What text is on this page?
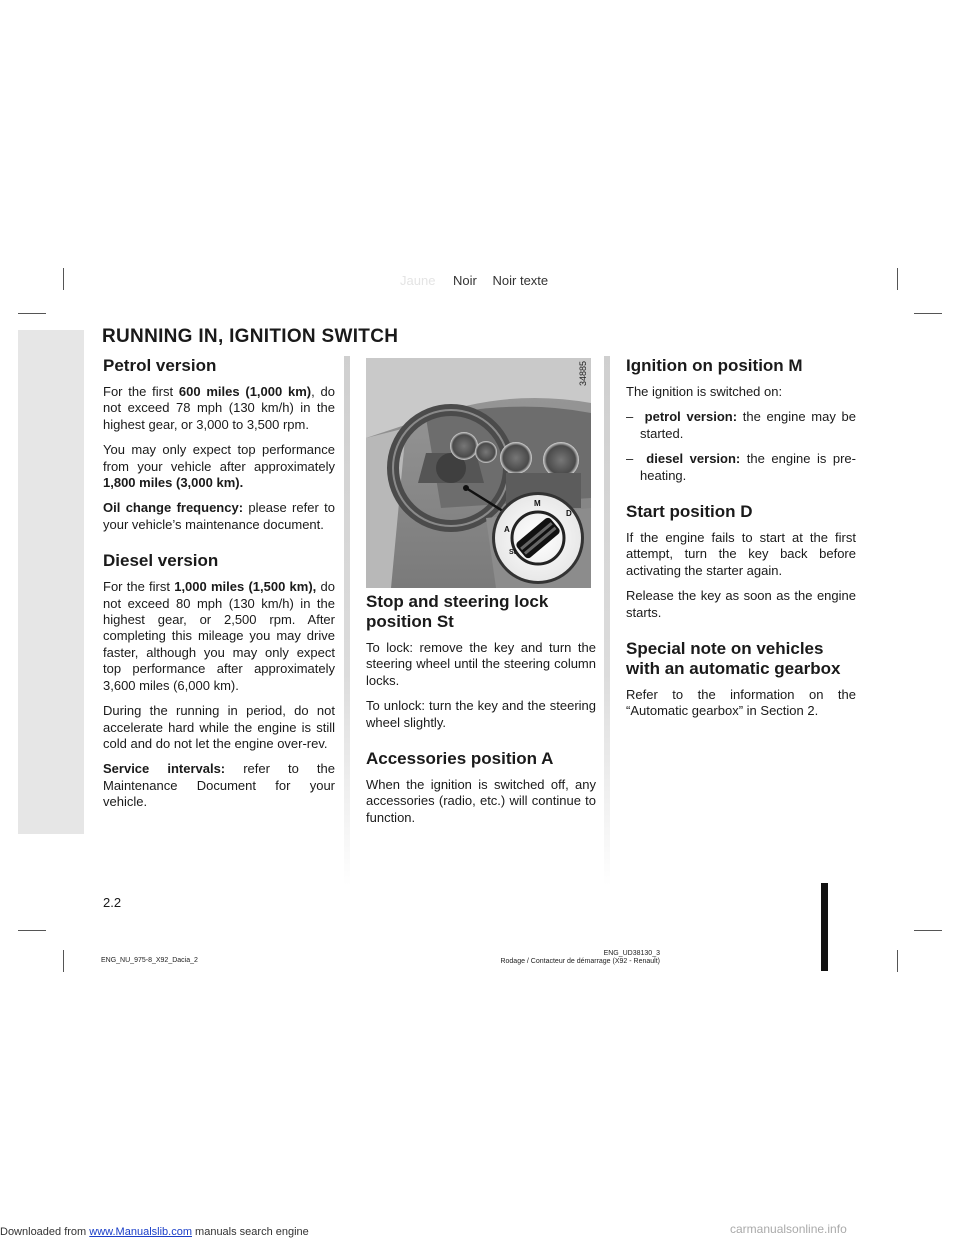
Jaune Noir Noir texte
RUNNING IN, IGNITION SWITCH
Petrol version

For the first 600 miles (1,000 km), do not exceed 78 mph (130 km/h) in the highest gear, or 3,000 to 3,500 rpm.

You may only expect top performance from your vehicle after approximately 1,800 miles (3,000 km).

Oil change frequency: please refer to your vehicle’s maintenance document.

Diesel version

For the first 1,000 miles (1,500 km), do not exceed 80 mph (130 km/h) in the highest gear, or 2,500 rpm. After completing this mileage you may drive faster, although you may only expect top performance after approximately 3,600 miles (6,000 km).

During the running in period, do not accelerate hard while the engine is still cold and do not let the engine over-rev.

Service intervals: refer to the Maintenance Document for your vehicle.

M
D
A
St
34885
Stop and steering lock position St

To lock: remove the key and turn the steering wheel until the steering column locks.

To unlock: turn the key and the steering wheel slightly.

Accessories position A

When the ignition is switched off, any accessories (radio, etc.) will continue to function.

Ignition on position M

The ignition is switched on:

–  petrol version: the engine may be started.

–  diesel version: the engine is pre-heating.

Start position D

If the engine fails to start at the first attempt, turn the key back before activating the starter again.

Release the key as soon as the engine starts.

Special note on vehicles with an automatic gearbox

Refer to the information on the “Automatic gearbox” in Section 2.

2.2
ENG_NU_975-8_X92_Dacia_2
ENG_UD38130_3
Rodage / Contacteur de démarrage (X92 - Renault)
Downloaded from www.Manualslib.com manuals search engine	carmanualsonline.info
